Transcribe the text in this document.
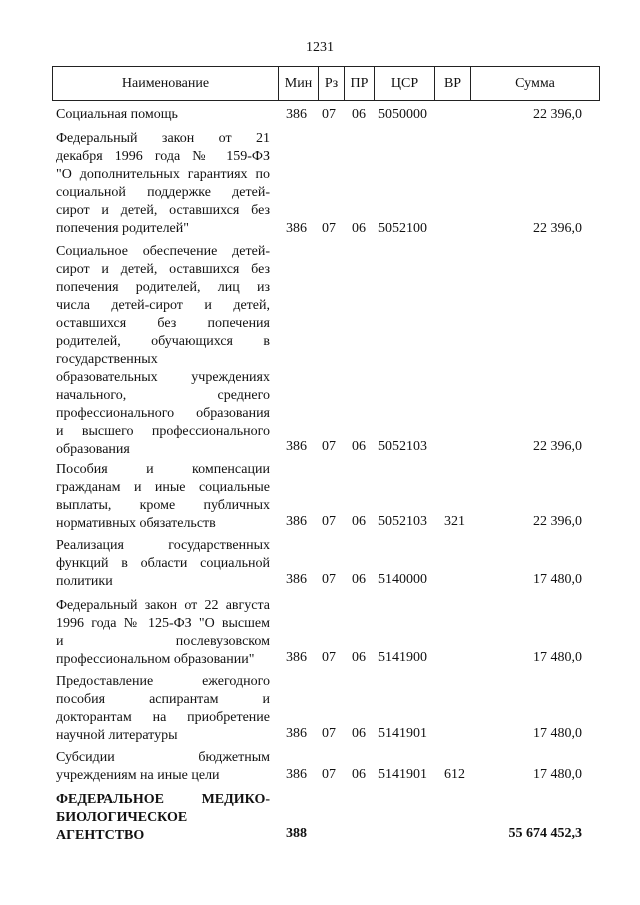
1231
Наименование	Мин Рз ПР	ЦСР	ВР	Сумма
Социальная помощь	386 07 06 5050000	22 396,0
Федеральный закон от 21
декабря 1996 года № 159-ФЗ
"О дополнительных гарантиях по
социальной поддержке детей-
сирот и детей, оставшихся без
попечения родителей"	386 07 06 5052100	22 396,0
Социальное обеспечение детей-
сирот и детей, оставшихся без
попечения родителей, лиц из
числа детей-сирот и детей,
оставшихся без попечения
родителей, обучающихся в
государственных
образовательных учреждениях
начального, среднего
профессионального образования
и высшего профессионального
образования	386 07 06 5052103	22 396,0
Пособия и компенсации
гражданам и иные социальные
выплаты, кроме публичных
нормативных обязательств	386 07 06 5052103 321	22 396,0
Реализация государственных
функций в области социальной
политики	386 07 06 5140000	17 480,0
Федеральный закон от 22 августа
1996 года № 125-ФЗ "О высшем
и послевузовском
профессиональном образовании"	386 07 06 5141900	17 480,0
Предоставление ежегодного
пособия аспирантам и
докторантам на приобретение
научной литературы	386 07 06 5141901	17 480,0
Субсидии бюджетным
учреждениям на иные цели	386 07 06 5141901 612	17 480,0
ФЕДЕРАЛЬНОЕ МЕДИКО-
БИОЛОГИЧЕСКОЕ
АГЕНТСТВО	388	55 674 452,3
